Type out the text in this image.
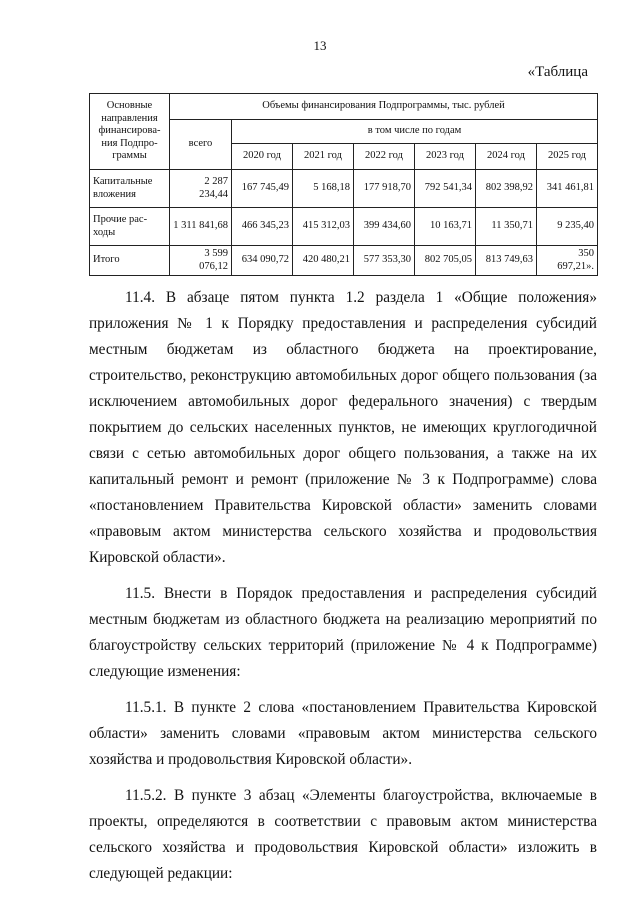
13
«Таблица
Основные направления финансирова-ния Подпро-граммы	Объемы финансирования Подпрограммы, тыс. рублей						
	всего	в том числе по годам					
		2020 год	2021 год	2022 год	2023 год	2024 год	2025 год
Капитальные вложения	2 287 234,44	167 745,49	5 168,18	177 918,70	792 541,34	802 398,92	341 461,81
Прочие рас-ходы	1 311 841,68	466 345,23	415 312,03	399 434,60	10 163,71	11 350,71	9 235,40
Итого	3 599 076,12	634 090,72	420 480,21	577 353,30	802 705,05	813 749,63	350 697,21».

11.4. В абзаце пятом пункта 1.2 раздела 1 «Общие положения» приложения № 1 к Порядку предоставления и распределения субсидий местным бюджетам из областного бюджета на проектирование, строительство, реконструкцию автомобильных дорог общего пользования (за исключением автомобильных дорог федерального значения) с твердым покрытием до сельских населенных пунктов, не имеющих круглогодичной связи с сетью автомобильных дорог общего пользования, а также на их капитальный ремонт и ремонт (приложение № 3 к Подпрограмме) слова «постановлением Правительства Кировской области» заменить словами «правовым актом министерства сельского хозяйства и продовольствия Кировской области».

11.5. Внести в Порядок предоставления и распределения субсидий местным бюджетам из областного бюджета на реализацию мероприятий по благоустройству сельских территорий (приложение № 4 к Подпрограмме) следующие изменения:

11.5.1. В пункте 2 слова «постановлением Правительства Кировской области» заменить словами «правовым актом министерства сельского хозяйства и продовольствия Кировской области».

11.5.2. В пункте 3 абзац «Элементы благоустройства, включаемые в проекты, определяются в соответствии с правовым актом министерства сельского хозяйства и продовольствия Кировской области» изложить в следующей редакции:
